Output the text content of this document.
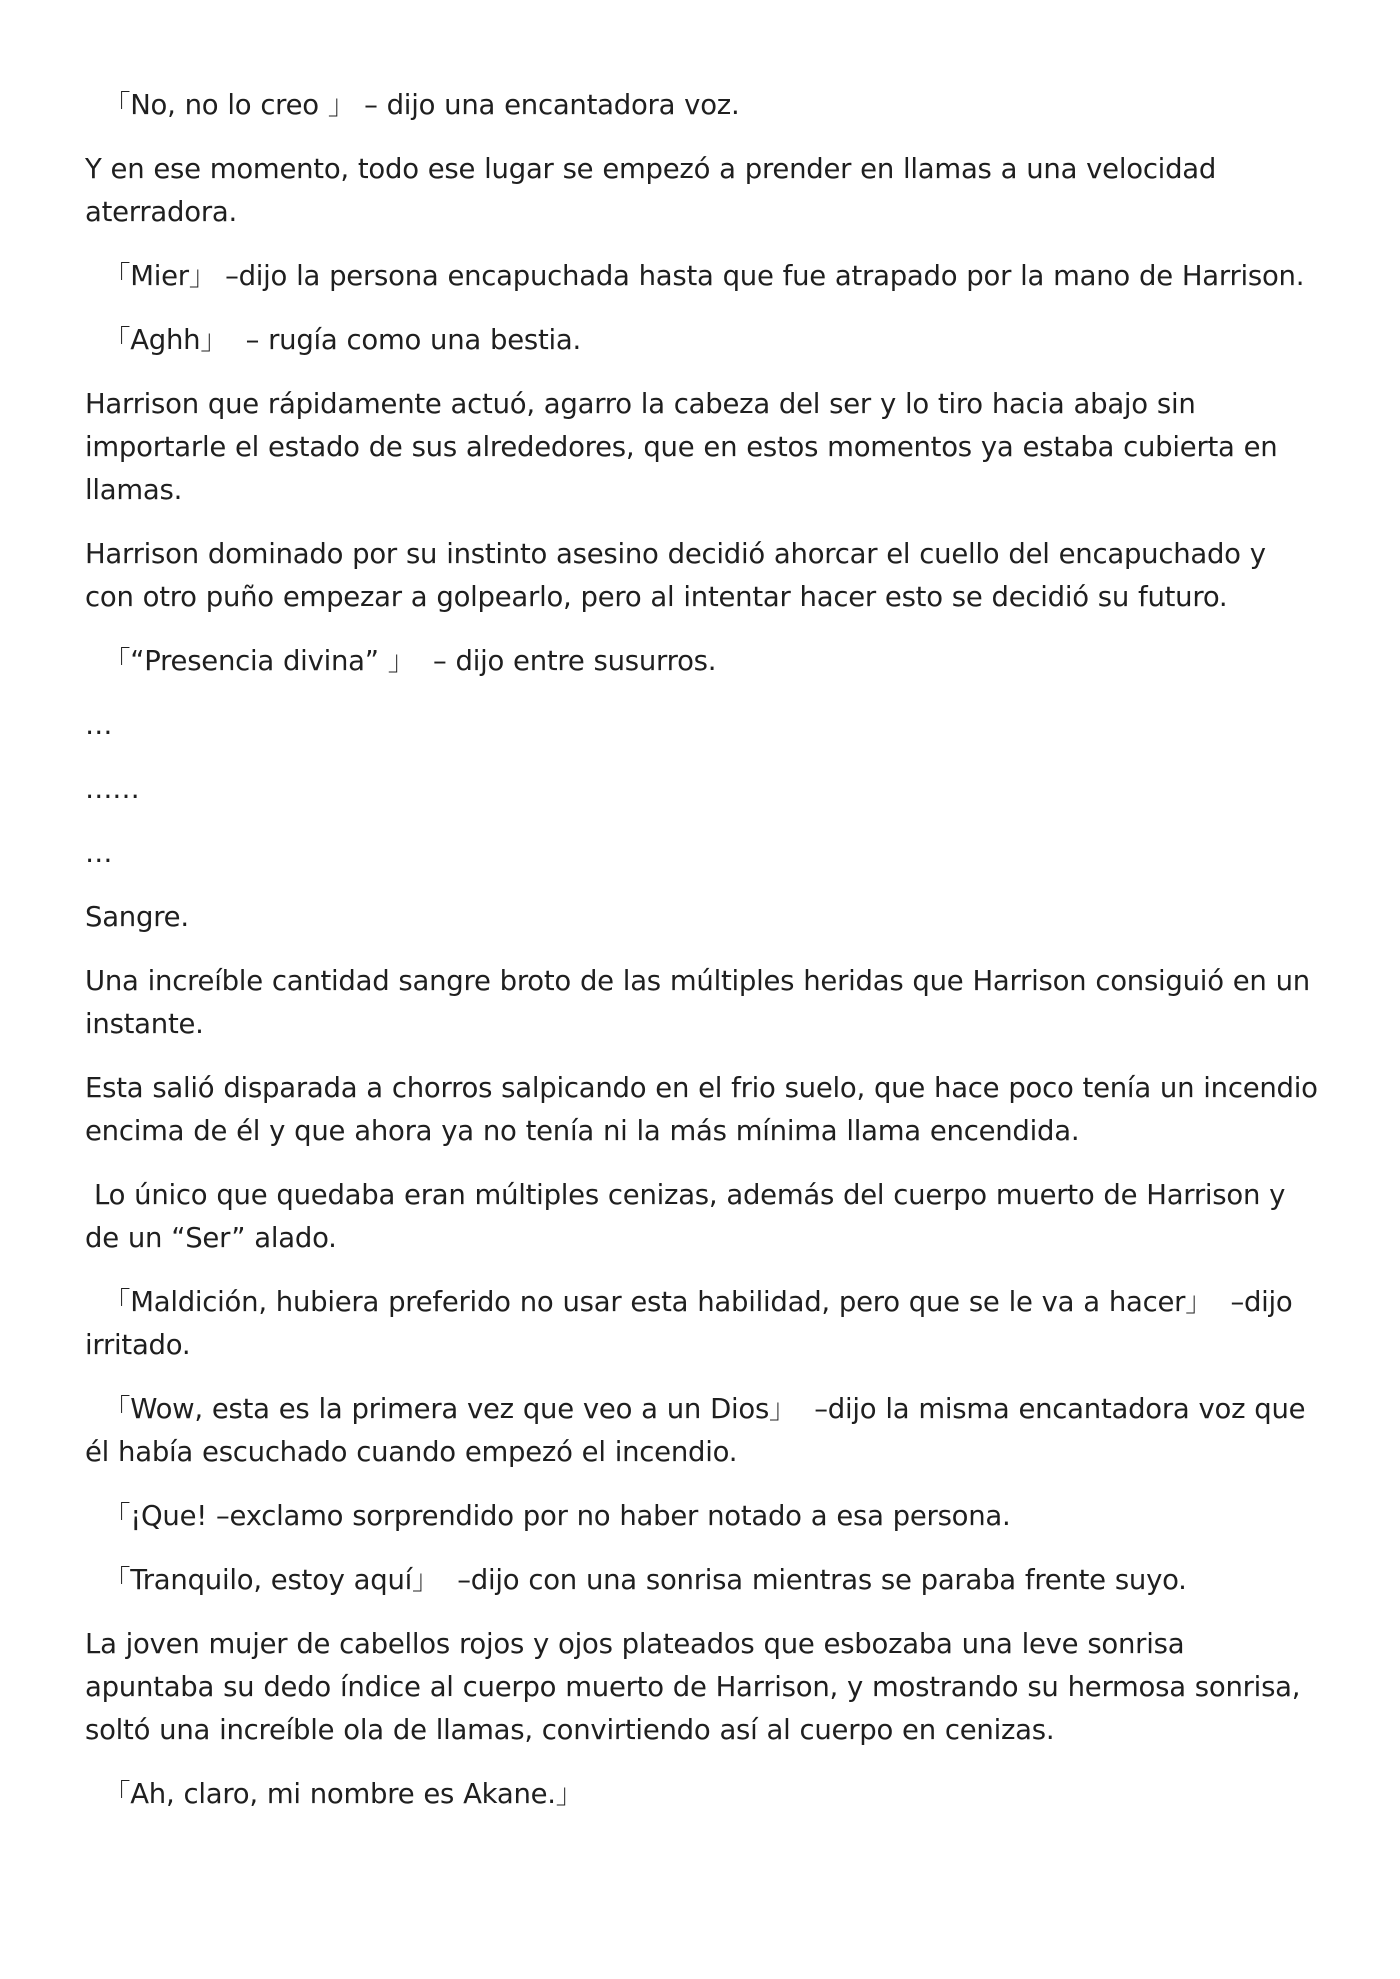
「No, no lo creo 」 – dijo una encantadora voz.

Y en ese momento, todo ese lugar se empezó a prender en llamas a una velocidad aterradora.

「Mier」 –dijo la persona encapuchada hasta que fue atrapado por la mano de Harrison.

「Aghh」  – rugía como una bestia.

Harrison que rápidamente actuó, agarro la cabeza del ser y lo tiro hacia abajo sin importarle el estado de sus alrededores, que en estos momentos ya estaba cubierta en llamas.

Harrison dominado por su instinto asesino decidió ahorcar el cuello del encapuchado y con otro puño empezar a golpearlo, pero al intentar hacer esto se decidió su futuro.

「“Presencia divina” 」  – dijo entre susurros.

…

……

…

Sangre.

Una increíble cantidad sangre broto de las múltiples heridas que Harrison consiguió en un instante.

Esta salió disparada a chorros salpicando en el frio suelo, que hace poco tenía un incendio encima de él y que ahora ya no tenía ni la más mínima llama encendida.

Lo único que quedaba eran múltiples cenizas, además del cuerpo muerto de Harrison y de un “Ser” alado.

「Maldición, hubiera preferido no usar esta habilidad, pero que se le va a hacer」  –dijo irritado.

「Wow, esta es la primera vez que veo a un Dios」  –dijo la misma encantadora voz que él había escuchado cuando empezó el incendio.

「¡Que! –exclamo sorprendido por no haber notado a esa persona.

「Tranquilo, estoy aquí」  –dijo con una sonrisa mientras se paraba frente suyo.

La joven mujer de cabellos rojos y ojos plateados que esbozaba una leve sonrisa apuntaba su dedo índice al cuerpo muerto de Harrison, y mostrando su hermosa sonrisa, soltó una increíble ola de llamas, convirtiendo así al cuerpo en cenizas.

「Ah, claro, mi nombre es Akane.」
